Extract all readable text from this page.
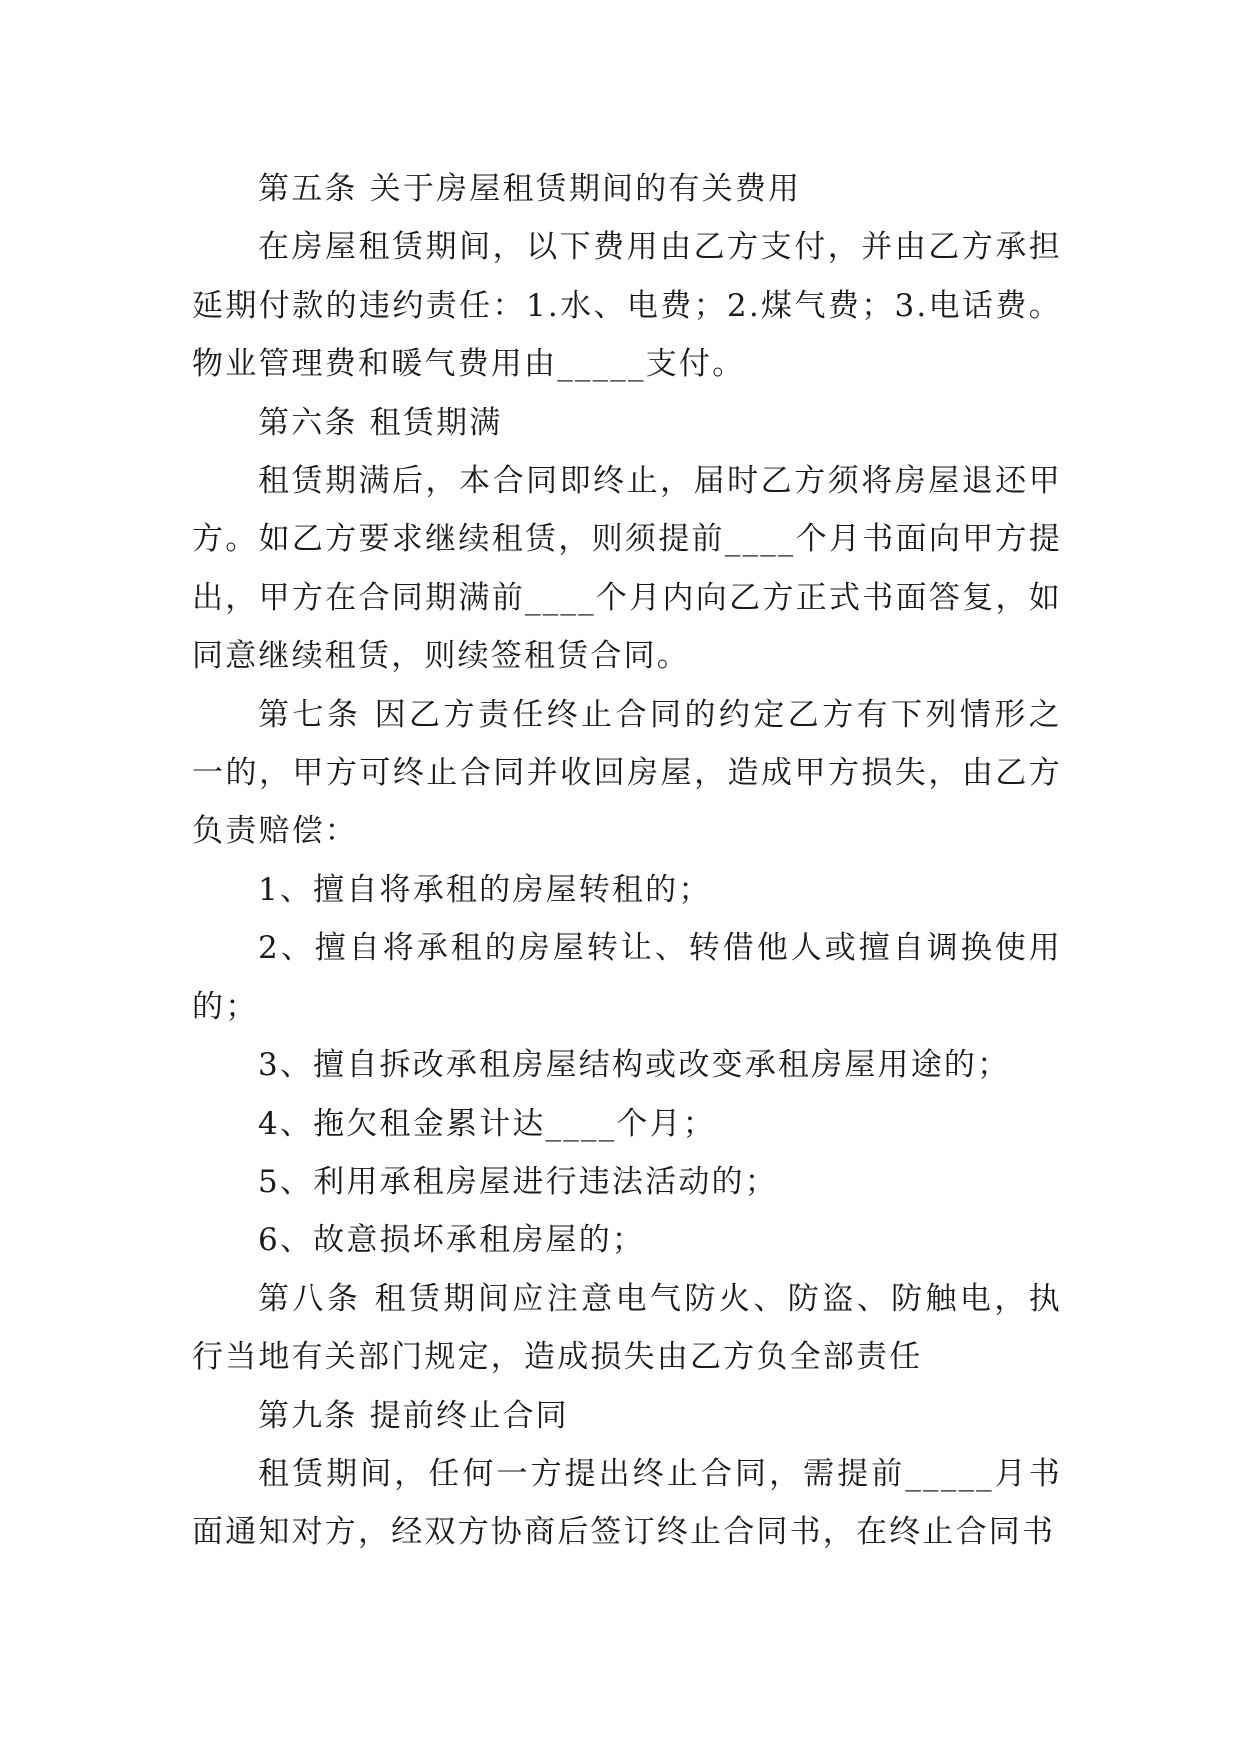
第五条 关于房屋租赁期间的有关费用

在房屋租赁期间，以下费用由乙方支付，并由乙方承担延期付款的违约责任：1.水、电费；2.煤气费；3.电话费。物业管理费和暖气费用由_____支付。

第六条 租赁期满

租赁期满后，本合同即终止，届时乙方须将房屋退还甲方。如乙方要求继续租赁，则须提前____个月书面向甲方提出，甲方在合同期满前____个月内向乙方正式书面答复，如同意继续租赁，则续签租赁合同。

第七条 因乙方责任终止合同的约定乙方有下列情形之一的，甲方可终止合同并收回房屋，造成甲方损失，由乙方负责赔偿：

1、擅自将承租的房屋转租的；

2、擅自将承租的房屋转让、转借他人或擅自调换使用的；

3、擅自拆改承租房屋结构或改变承租房屋用途的；

4、拖欠租金累计达____个月；

5、利用承租房屋进行违法活动的；

6、故意损坏承租房屋的；

第八条 租赁期间应注意电气防火、防盗、防触电，执行当地有关部门规定，造成损失由乙方负全部责任

第九条 提前终止合同

租赁期间，任何一方提出终止合同，需提前_____月书面通知对方，经双方协商后签订终止合同书，在终止合同书
